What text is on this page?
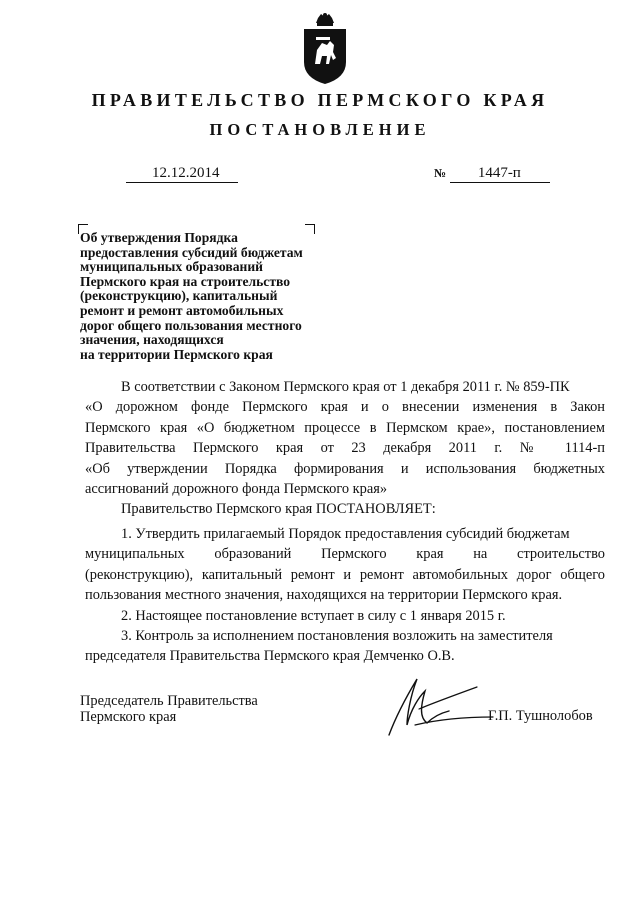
ПРАВИТЕЛЬСТВО ПЕРМСКОГО КРАЯ
ПОСТАНОВЛЕНИЕ
12.12.2014	№ 1447-п
Об утверждения Порядка
предоставления субсидий бюджетам
муниципальных образований
Пермского края на строительство
(реконструкцию), капитальный
ремонт и ремонт автомобильных
дорог общего пользования местного
значения, находящихся
на территории Пермского края
В соответствии с Законом Пермского края от 1 декабря 2011 г. № 859-ПК
«О дорожном фонде Пермского края и о внесении изменения в Закон
Пермского края «О бюджетном процессе в Пермском крае», постановлением
Правительства Пермского края от 23 декабря 2011 г. № 1114-п
«Об утверждении Порядка формирования и использования бюджетных
ассигнований дорожного фонда Пермского края»
Правительство Пермского края ПОСТАНОВЛЯЕТ:
1. Утвердить прилагаемый Порядок предоставления субсидий бюджетам
муниципальных образований Пермского края на строительство
(реконструкцию), капитальный ремонт и ремонт автомобильных дорог общего
пользования местного значения, находящихся на территории Пермского края.
2. Настоящее постановление вступает в силу с 1 января 2015 г.
3. Контроль за исполнением постановления возложить на заместителя
председателя Правительства Пермского края Демченко О.В.
Председатель Правительства
Пермского края	Г.П. Тушнолобов
